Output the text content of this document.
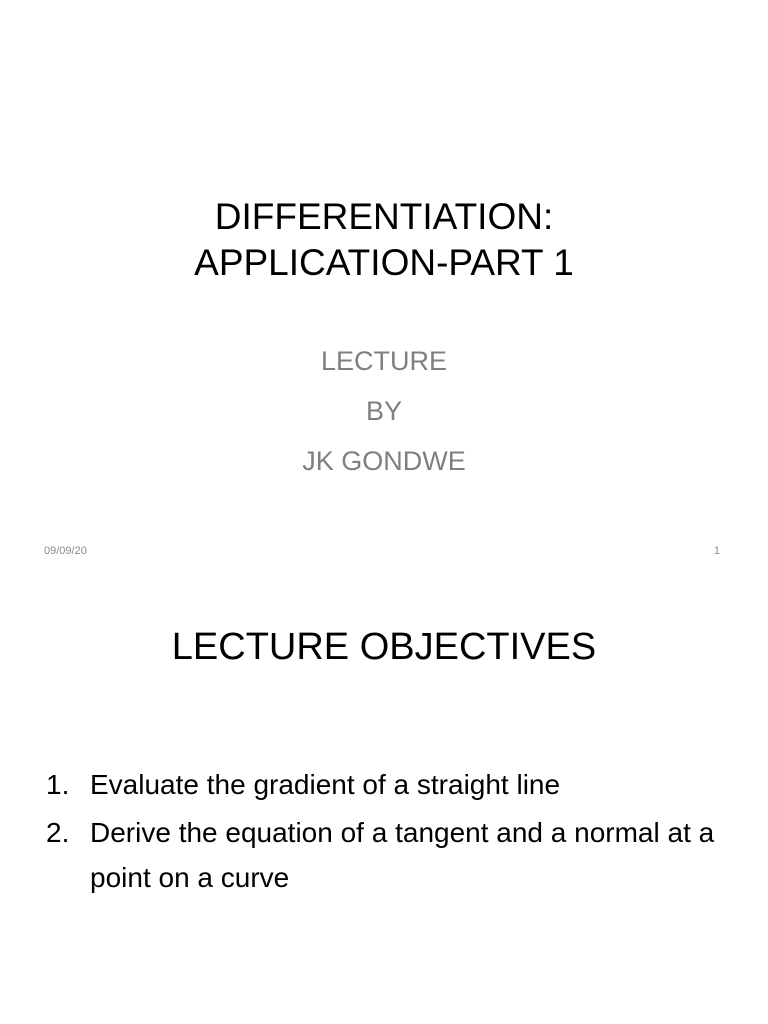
DIFFERENTIATION:
APPLICATION-PART 1
LECTURE
BY
JK GONDWE
09/09/20	1
LECTURE OBJECTIVES
1. Evaluate the gradient of a straight line
2. Derive the equation of a tangent and a normal at a point on a curve
